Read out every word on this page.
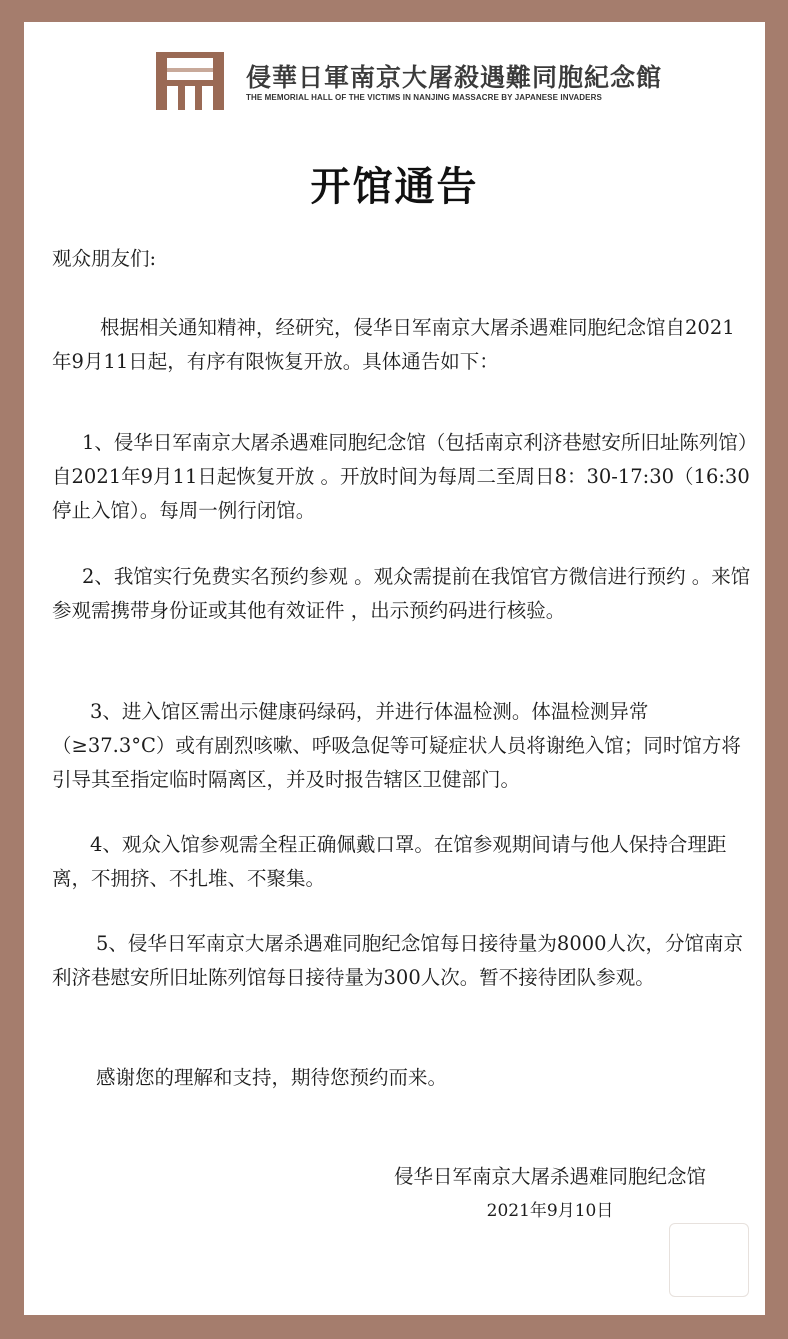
侵華日軍南京大屠殺遇難同胞紀念館
THE MEMORIAL HALL OF THE VICTIMS IN NANJING MASSACRE BY JAPANESE INVADERS
开馆通告
观众朋友们:
根据相关通知精神，经研究，侵华日军南京大屠杀遇难同胞纪念馆自2021年9月11日起，有序有限恢复开放。具体通告如下：
1、侵华日军南京大屠杀遇难同胞纪念馆（包括南京利济巷慰安所旧址陈列馆）自2021年9月11日起恢复开放 。开放时间为每周二至周日8：30-17:30（16:30停止入馆）。每周一例行闭馆。
2、我馆实行免费实名预约参观 。观众需提前在我馆官方微信进行预约 。来馆参观需携带身份证或其他有效证件 ，出示预约码进行核验。
3、进入馆区需出示健康码绿码，并进行体温检测。体温检测异常（≥37.3°C）或有剧烈咳嗽、呼吸急促等可疑症状人员将谢绝入馆；同时馆方将引导其至指定临时隔离区，并及时报告辖区卫健部门。
4、观众入馆参观需全程正确佩戴口罩。在馆参观期间请与他人保持合理距离，不拥挤、不扎堆、不聚集。
5、侵华日军南京大屠杀遇难同胞纪念馆每日接待量为8000人次，分馆南京利济巷慰安所旧址陈列馆每日接待量为300人次。暂不接待团队参观。
感谢您的理解和支持，期待您预约而来。
侵华日军南京大屠杀遇难同胞纪念馆
2021年9月10日
